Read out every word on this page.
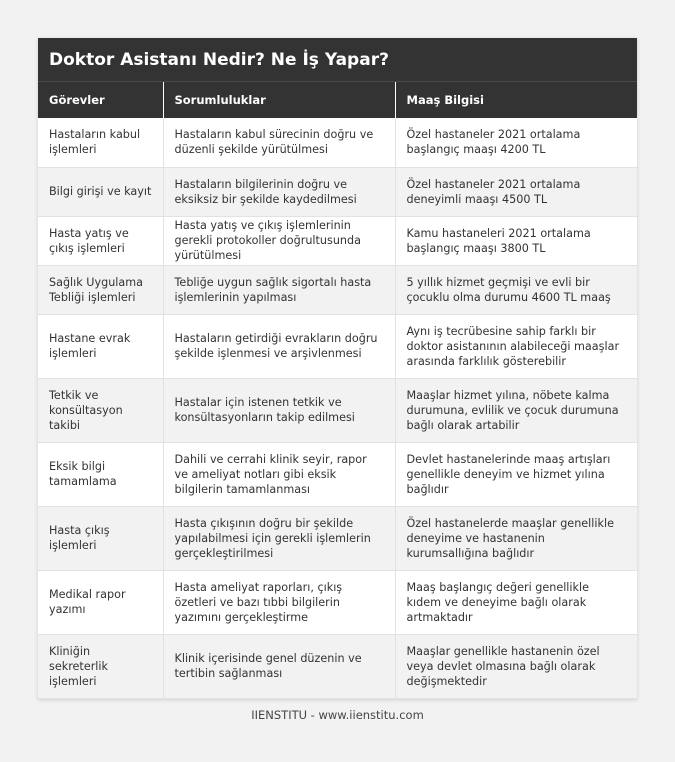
Doktor Asistanı Nedir? Ne İş Yapar?
Görevler	Sorumluluklar	Maaş Bilgisi
Hastaların kabul işlemleri	Hastaların kabul sürecinin doğru ve düzenli şekilde yürütülmesi	Özel hastaneler 2021 ortalama başlangıç maaşı 4200 TL
Bilgi girişi ve kayıt	Hastaların bilgilerinin doğru ve eksiksiz bir şekilde kaydedilmesi	Özel hastaneler 2021 ortalama deneyimli maaşı 4500 TL
Hasta yatış ve çıkış işlemleri	Hasta yatış ve çıkış işlemlerinin gerekli protokoller doğrultusunda yürütülmesi	Kamu hastaneleri 2021 ortalama başlangıç maaşı 3800 TL
Sağlık Uygulama Tebliği işlemleri	Tebliğe uygun sağlık sigortalı hasta işlemlerinin yapılması	5 yıllık hizmet geçmişi ve evli bir çocuklu olma durumu 4600 TL maaş
Hastane evrak işlemleri	Hastaların getirdiği evrakların doğru şekilde işlenmesi ve arşivlenmesi	Aynı iş tecrübesine sahip farklı bir doktor asistanının alabileceği maaşlar arasında farklılık gösterebilir
Tetkik ve konsültasyon takibi	Hastalar için istenen tetkik ve konsültasyonların takip edilmesi	Maaşlar hizmet yılına, nöbete kalma durumuna, evlilik ve çocuk durumuna bağlı olarak artabilir
Eksik bilgi tamamlama	Dahili ve cerrahi klinik seyir, rapor ve ameliyat notları gibi eksik bilgilerin tamamlanması	Devlet hastanelerinde maaş artışları genellikle deneyim ve hizmet yılına bağlıdır
Hasta çıkış işlemleri	Hasta çıkışının doğru bir şekilde yapılabilmesi için gerekli işlemlerin gerçekleştirilmesi	Özel hastanelerde maaşlar genellikle deneyime ve hastanenin kurumsallığına bağlıdır
Medikal rapor yazımı	Hasta ameliyat raporları, çıkış özetleri ve bazı tıbbi bilgilerin yazımını gerçekleştirme	Maaş başlangıç değeri genellikle kıdem ve deneyime bağlı olarak artmaktadır
Kliniğin sekreterlik işlemleri	Klinik içerisinde genel düzenin ve tertibin sağlanması	Maaşlar genellikle hastanenin özel veya devlet olmasına bağlı olarak değişmektedir
IIENSTITU - www.iienstitu.com
